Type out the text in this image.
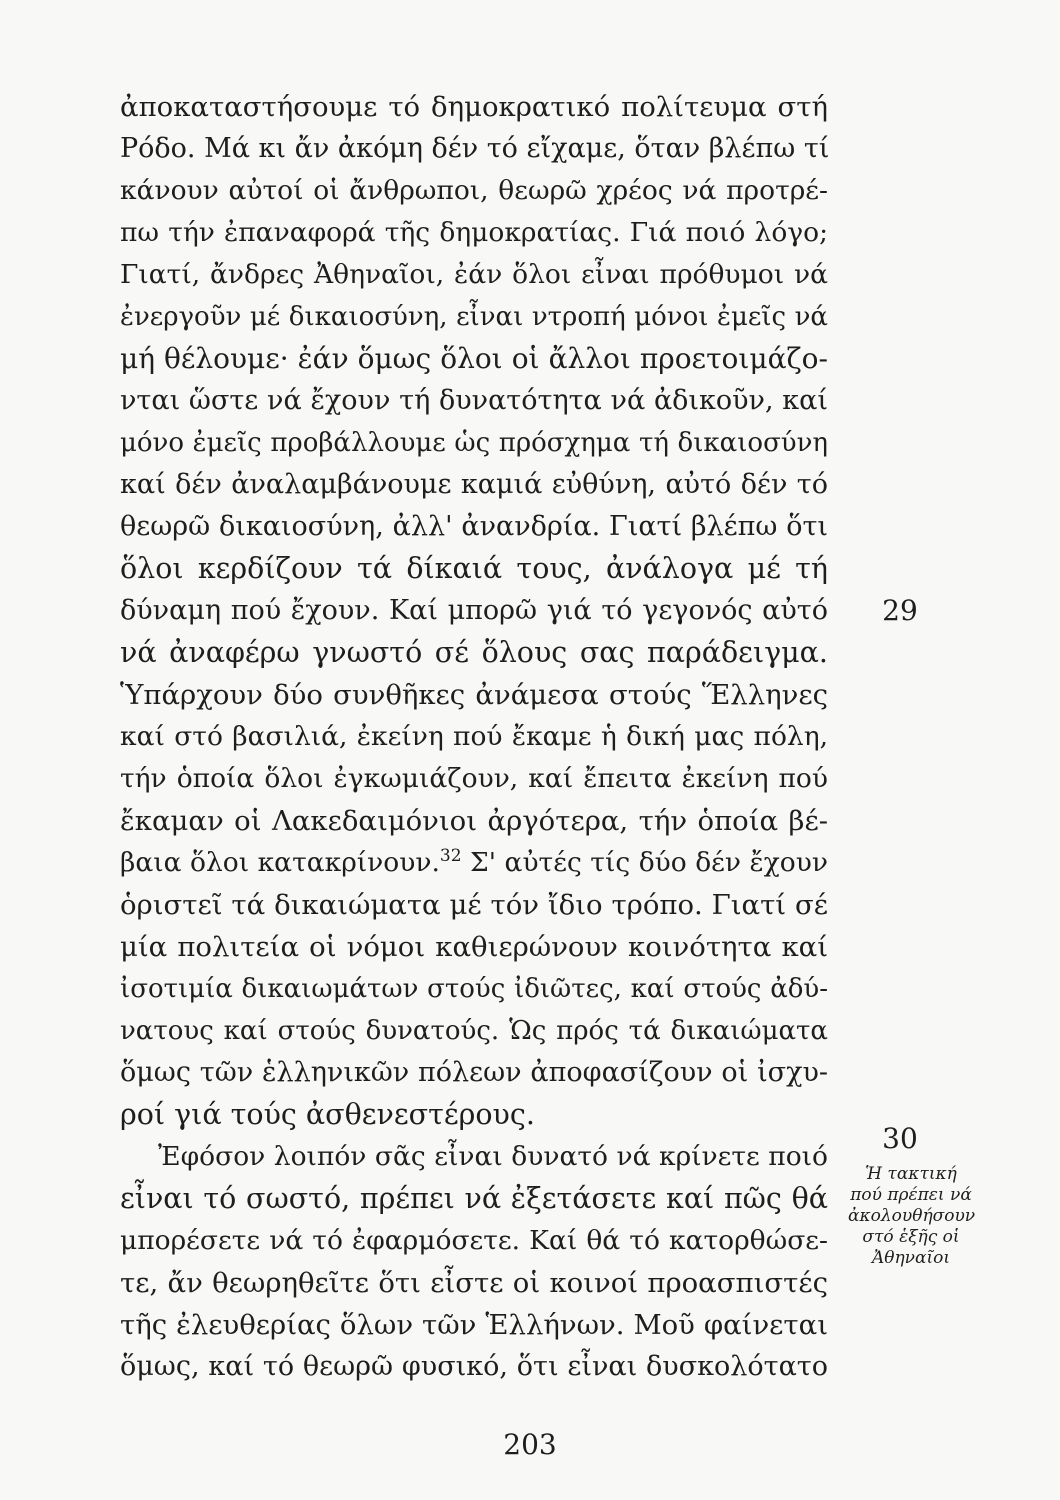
ἀποκαταστήσουμε τό δημοκρατικό πολίτευμα στή
Ρόδο. Μά κι ἄν ἀκόμη δέν τό εἴχαμε, ὅταν βλέπω τί
κάνουν αὐτοί οἱ ἄνθρωποι, θεωρῶ χρέος νά προτρέ-
πω τήν ἐπαναφορά τῆς δημοκρατίας. Γιά ποιό λόγο;
Γιατί, ἄνδρες Ἀθηναῖοι, ἐάν ὅλοι εἶναι πρόθυμοι νά
ἐνεργοῦν μέ δικαιοσύνη, εἶναι ντροπή μόνοι ἐμεῖς νά
μή θέλουμε· ἐάν ὅμως ὅλοι οἱ ἄλλοι προετοιμάζο-
νται ὥστε νά ἔχουν τή δυνατότητα νά ἀδικοῦν, καί
μόνο ἐμεῖς προβάλλουμε ὡς πρόσχημα τή δικαιοσύνη
καί δέν ἀναλαμβάνουμε καμιά εὐθύνη, αὐτό δέν τό
θεωρῶ δικαιοσύνη, ἀλλ' ἀνανδρία. Γιατί βλέπω ὅτι
ὅλοι κερδίζουν τά δίκαιά τους, ἀνάλογα μέ τή
δύναμη πού ἔχουν. Καί μπορῶ γιά τό γεγονός αὐτό
νά ἀναφέρω γνωστό σέ ὅλους σας παράδειγμα.
Ὑπάρχουν δύο συνθῆκες ἀνάμεσα στούς Ἕλληνες
καί στό βασιλιά, ἐκείνη πού ἔκαμε ἡ δική μας πόλη,
τήν ὁποία ὅλοι ἐγκωμιάζουν, καί ἔπειτα ἐκείνη πού
ἔκαμαν οἱ Λακεδαιμόνιοι ἀργότερα, τήν ὁποία βέ-
βαια ὅλοι κατακρίνουν.$^{32}$ Σ' αὐτές τίς δύο δέν ἔχουν
ὁριστεῖ τά δικαιώματα μέ τόν ἴδιο τρόπο. Γιατί σέ
μία πολιτεία οἱ νόμοι καθιερώνουν κοινότητα καί
ἰσοτιμία δικαιωμάτων στούς ἰδιῶτες, καί στούς ἀδύ-
νατους καί στούς δυνατούς. Ὡς πρός τά δικαιώματα
ὅμως τῶν ἑλληνικῶν πόλεων ἀποφασίζουν οἱ ἰσχυ-
ροί γιά τούς ἀσθενεστέρους.
Ἐφόσον λοιπόν σᾶς εἶναι δυνατό νά κρίνετε ποιό
εἶναι τό σωστό, πρέπει νά ἐξετάσετε καί πῶς θά
μπορέσετε νά τό ἐφαρμόσετε. Καί θά τό κατορθώσε-
τε, ἄν θεωρηθεῖτε ὅτι εἶστε οἱ κοινοί προασπιστές
τῆς ἐλευθερίας ὅλων τῶν Ἑλλήνων. Μοῦ φαίνεται
ὅμως, καί τό θεωρῶ φυσικό, ὅτι εἶναι δυσκολότατο
29
30
Ἡ τακτική
πού πρέπει νά
ἀκολουθήσουν
στό ἑξῆς οἱ
Ἀθηναῖοι
203
